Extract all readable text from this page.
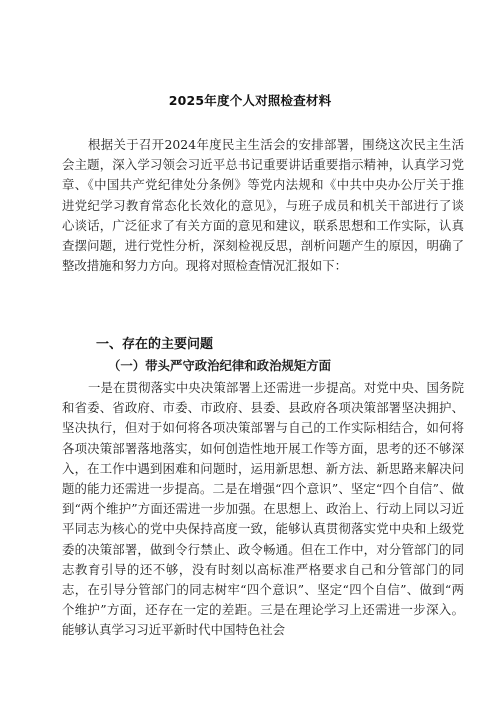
2025年度个人对照检查材料

根据关于召开2024年度民主生活会的安排部署，围绕这次民主生活会主题，深入学习领会习近平总书记重要讲话重要指示精神，认真学习党章、《中国共产党纪律处分条例》等党内法规和《中共中央办公厅关于推进党纪学习教育常态化长效化的意见》，与班子成员和机关干部进行了谈心谈话，广泛征求了有关方面的意见和建议，联系思想和工作实际，认真查摆问题，进行党性分析，深刻检视反思，剖析问题产生的原因，明确了整改措施和努力方向。现将对照检查情况汇报如下：

一、存在的主要问题
（一）带头严守政治纪律和政治规矩方面

一是在贯彻落实中央决策部署上还需进一步提高。对党中央、国务院和省委、省政府、市委、市政府、县委、县政府各项决策部署坚决拥护、坚决执行，但对于如何将各项决策部署与自己的工作实际相结合，如何将各项决策部署落地落实，如何创造性地开展工作等方面，思考的还不够深入，在工作中遇到困难和问题时，运用新思想、新方法、新思路来解决问题的能力还需进一步提高。二是在增强“四个意识”、坚定“四个自信”、做到“两个维护”方面还需进一步加强。在思想上、政治上、行动上同以习近平同志为核心的党中央保持高度一致，能够认真贯彻落实党中央和上级党委的决策部署，做到令行禁止、政令畅通。但在工作中，对分管部门的同志教育引导的还不够，没有时刻以高标准严格要求自己和分管部门的同志，在引导分管部门的同志树牢“四个意识”、坚定“四个自信”、做到“两个维护”方面，还存在一定的差距。三是在理论学习上还需进一步深入。能够认真学习习近平新时代中国特色社会
